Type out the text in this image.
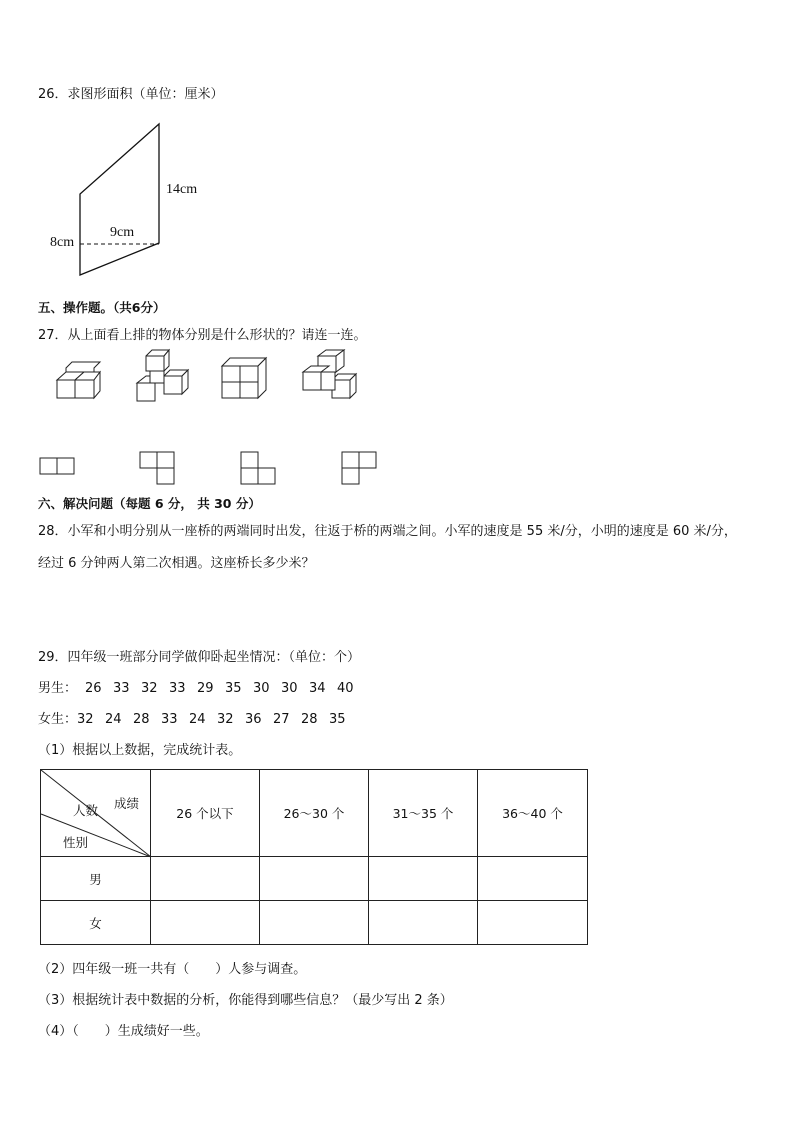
26．求图形面积（单位：厘米）
14cm
9cm
8cm
五、操作题。（共6分）
27．从上面看上排的物体分别是什么形状的？请连一连。
六、解决问题（每题 6 分， 共 30 分）
28．小军和小明分别从一座桥的两端同时出发，往返于桥的两端之间。小军的速度是 55 米/分，小明的速度是 60 米/分，
经过 6 分钟两人第二次相遇。这座桥长多少米？
29．四年级一班部分同学做仰卧起坐情况：（单位：个）
男生： 26 33 32 33 29 35 30 30 34 40
女生：32 24 28 33 24 32 36 27 28 35
（1）根据以上数据，完成统计表。
成绩
人数
性别	26 个以下	26～30 个	31～35 个	36～40 个
男				
女				
（2）四年级一班一共有（　　）人参与调查。
（3）根据统计表中数据的分析，你能得到哪些信息？（最少写出 2 条）
（4）（　　）生成绩好一些。
